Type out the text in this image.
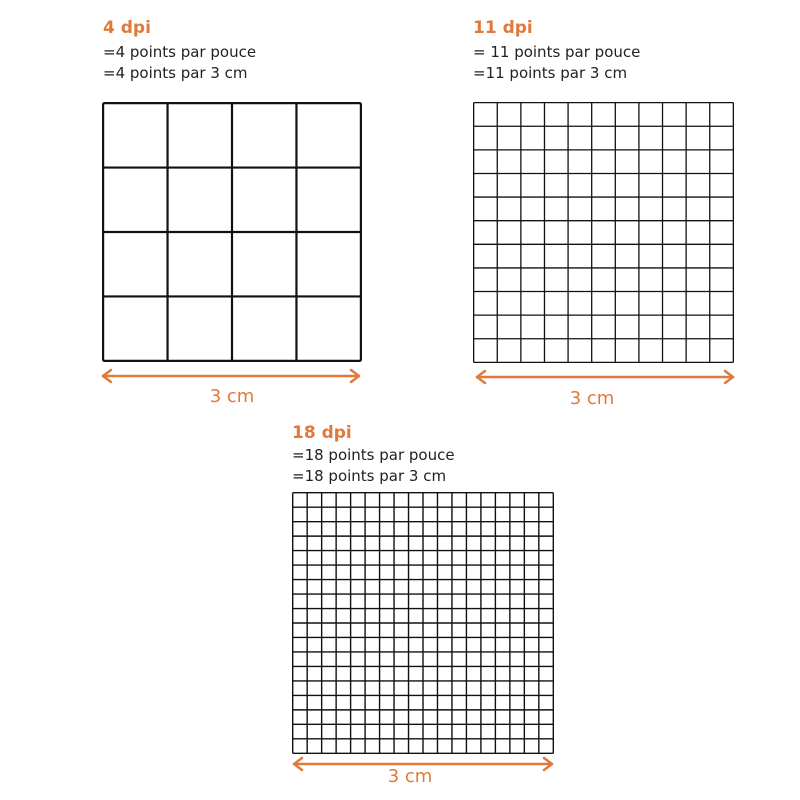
4 dpi
=4 points par pouce
=4 points par 3 cm
3 cm
11 dpi
= 11 points par pouce
=11 points par 3 cm
3 cm
18 dpi
=18 points par pouce
=18 points par 3 cm
3 cm
